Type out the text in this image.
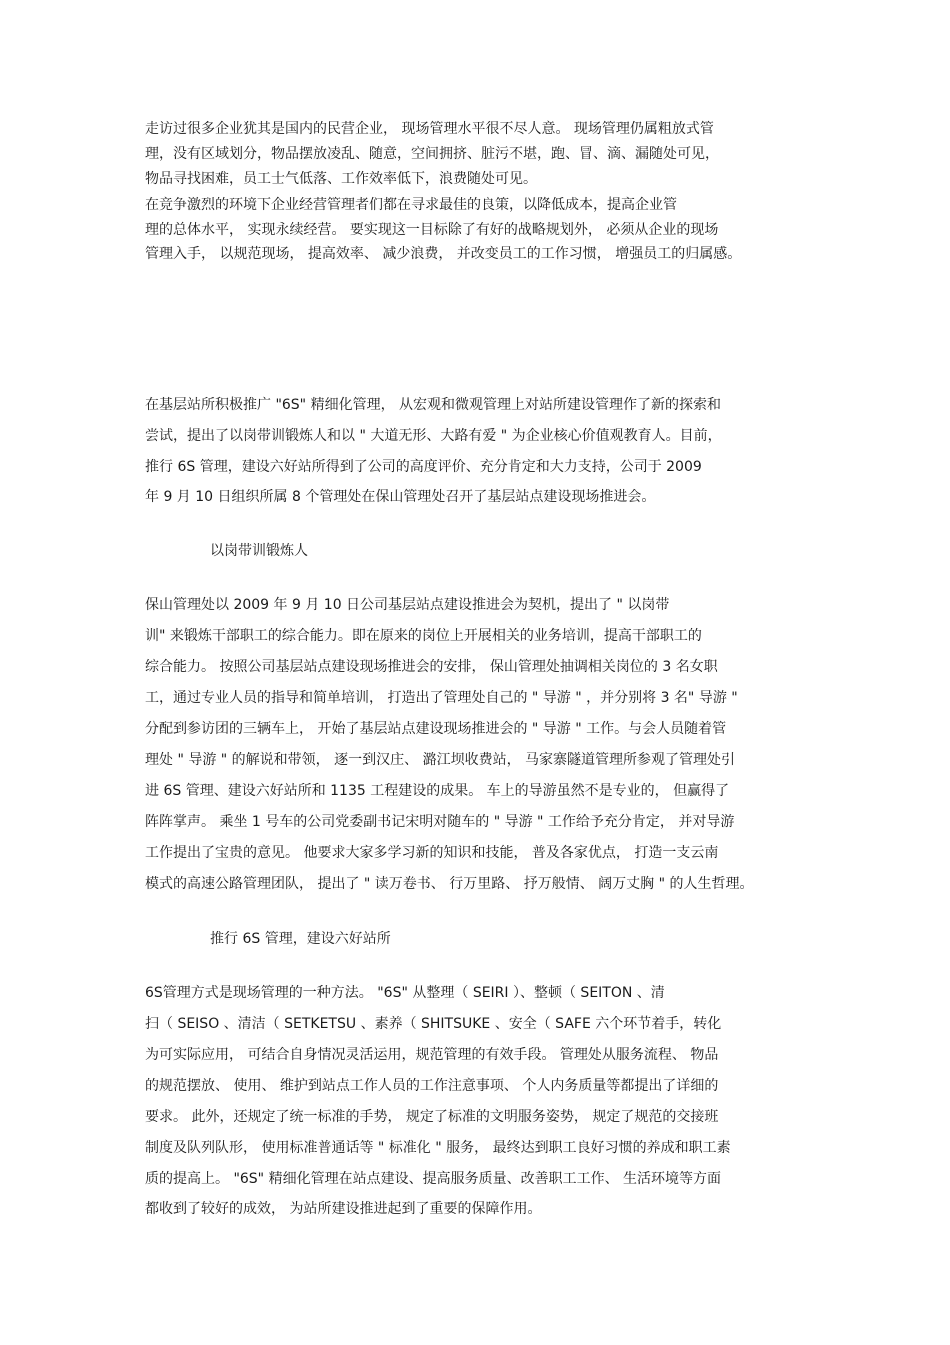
走访过很多企业犹其是国内的民营企业， 现场管理水平很不尽人意。 现场管理仍属粗放式管

理，没有区域划分，物品摆放凌乱、随意，空间拥挤、脏污不堪，跑、冒、滴、漏随处可见，

物品寻找困难，员工士气低落、工作效率低下，浪费随处可见。

在竞争激烈的环境下企业经营管理者们都在寻求最佳的良策，以降低成本，提高企业管

理的总体水平， 实现永续经营。 要实现这一目标除了有好的战略规划外， 必须从企业的现场

管理入手， 以规范现场， 提高效率、 减少浪费， 并改变员工的工作习惯， 增强员工的归属感。

在基层站所积极推广 "6S" 精细化管理， 从宏观和微观管理上对站所建设管理作了新的探索和

尝试，提出了以岗带训锻炼人和以 " 大道无形、大路有爱 " 为企业核心价值观教育人。目前，

推行 6S 管理，建设六好站所得到了公司的高度评价、充分肯定和大力支持，公司于 2009

年 9 月 10 日组织所属 8 个管理处在保山管理处召开了基层站点建设现场推进会。

以岗带训锻炼人

保山管理处以 2009 年 9 月 10 日公司基层站点建设推进会为契机，提出了 " 以岗带

训" 来锻炼干部职工的综合能力。即在原来的岗位上开展相关的业务培训，提高干部职工的

综合能力。 按照公司基层站点建设现场推进会的安排， 保山管理处抽调相关岗位的 3 名女职

工，通过专业人员的指导和简单培训， 打造出了管理处自己的 " 导游 " ，并分别将 3 名" 导游 "

分配到参访团的三辆车上， 开始了基层站点建设现场推进会的 " 导游 " 工作。与会人员随着管

理处 " 导游 " 的解说和带领， 逐一到汉庄、 潞江坝收费站， 马家寨隧道管理所参观了管理处引

进 6S 管理、建设六好站所和 1135 工程建设的成果。 车上的导游虽然不是专业的， 但赢得了

阵阵掌声。 乘坐 1 号车的公司党委副书记宋明对随车的 " 导游 " 工作给予充分肯定， 并对导游

工作提出了宝贵的意见。 他要求大家多学习新的知识和技能， 普及各家优点， 打造一支云南

模式的高速公路管理团队， 提出了 " 读万卷书、 行万里路、 抒万般情、 阔万丈胸 " 的人生哲理。

推行 6S 管理，建设六好站所

6S管理方式是现场管理的一种方法。 "6S" 从整理（ SEIRI ）、整顿（ SEITON 、清

扫（ SEISO 、清洁（ SETKETSU 、素养（ SHITSUKE 、安全（ SAFE 六个环节着手，转化

为可实际应用， 可结合自身情况灵活运用，规范管理的有效手段。 管理处从服务流程、 物品

的规范摆放、 使用、 维护到站点工作人员的工作注意事项、 个人内务质量等都提出了详细的

要求。 此外，还规定了统一标准的手势， 规定了标准的文明服务姿势， 规定了规范的交接班

制度及队列队形， 使用标准普通话等 " 标准化 " 服务， 最终达到职工良好习惯的养成和职工素

质的提高上。 "6S" 精细化管理在站点建设、提高服务质量、改善职工工作、 生活环境等方面

都收到了较好的成效， 为站所建设推进起到了重要的保障作用。
